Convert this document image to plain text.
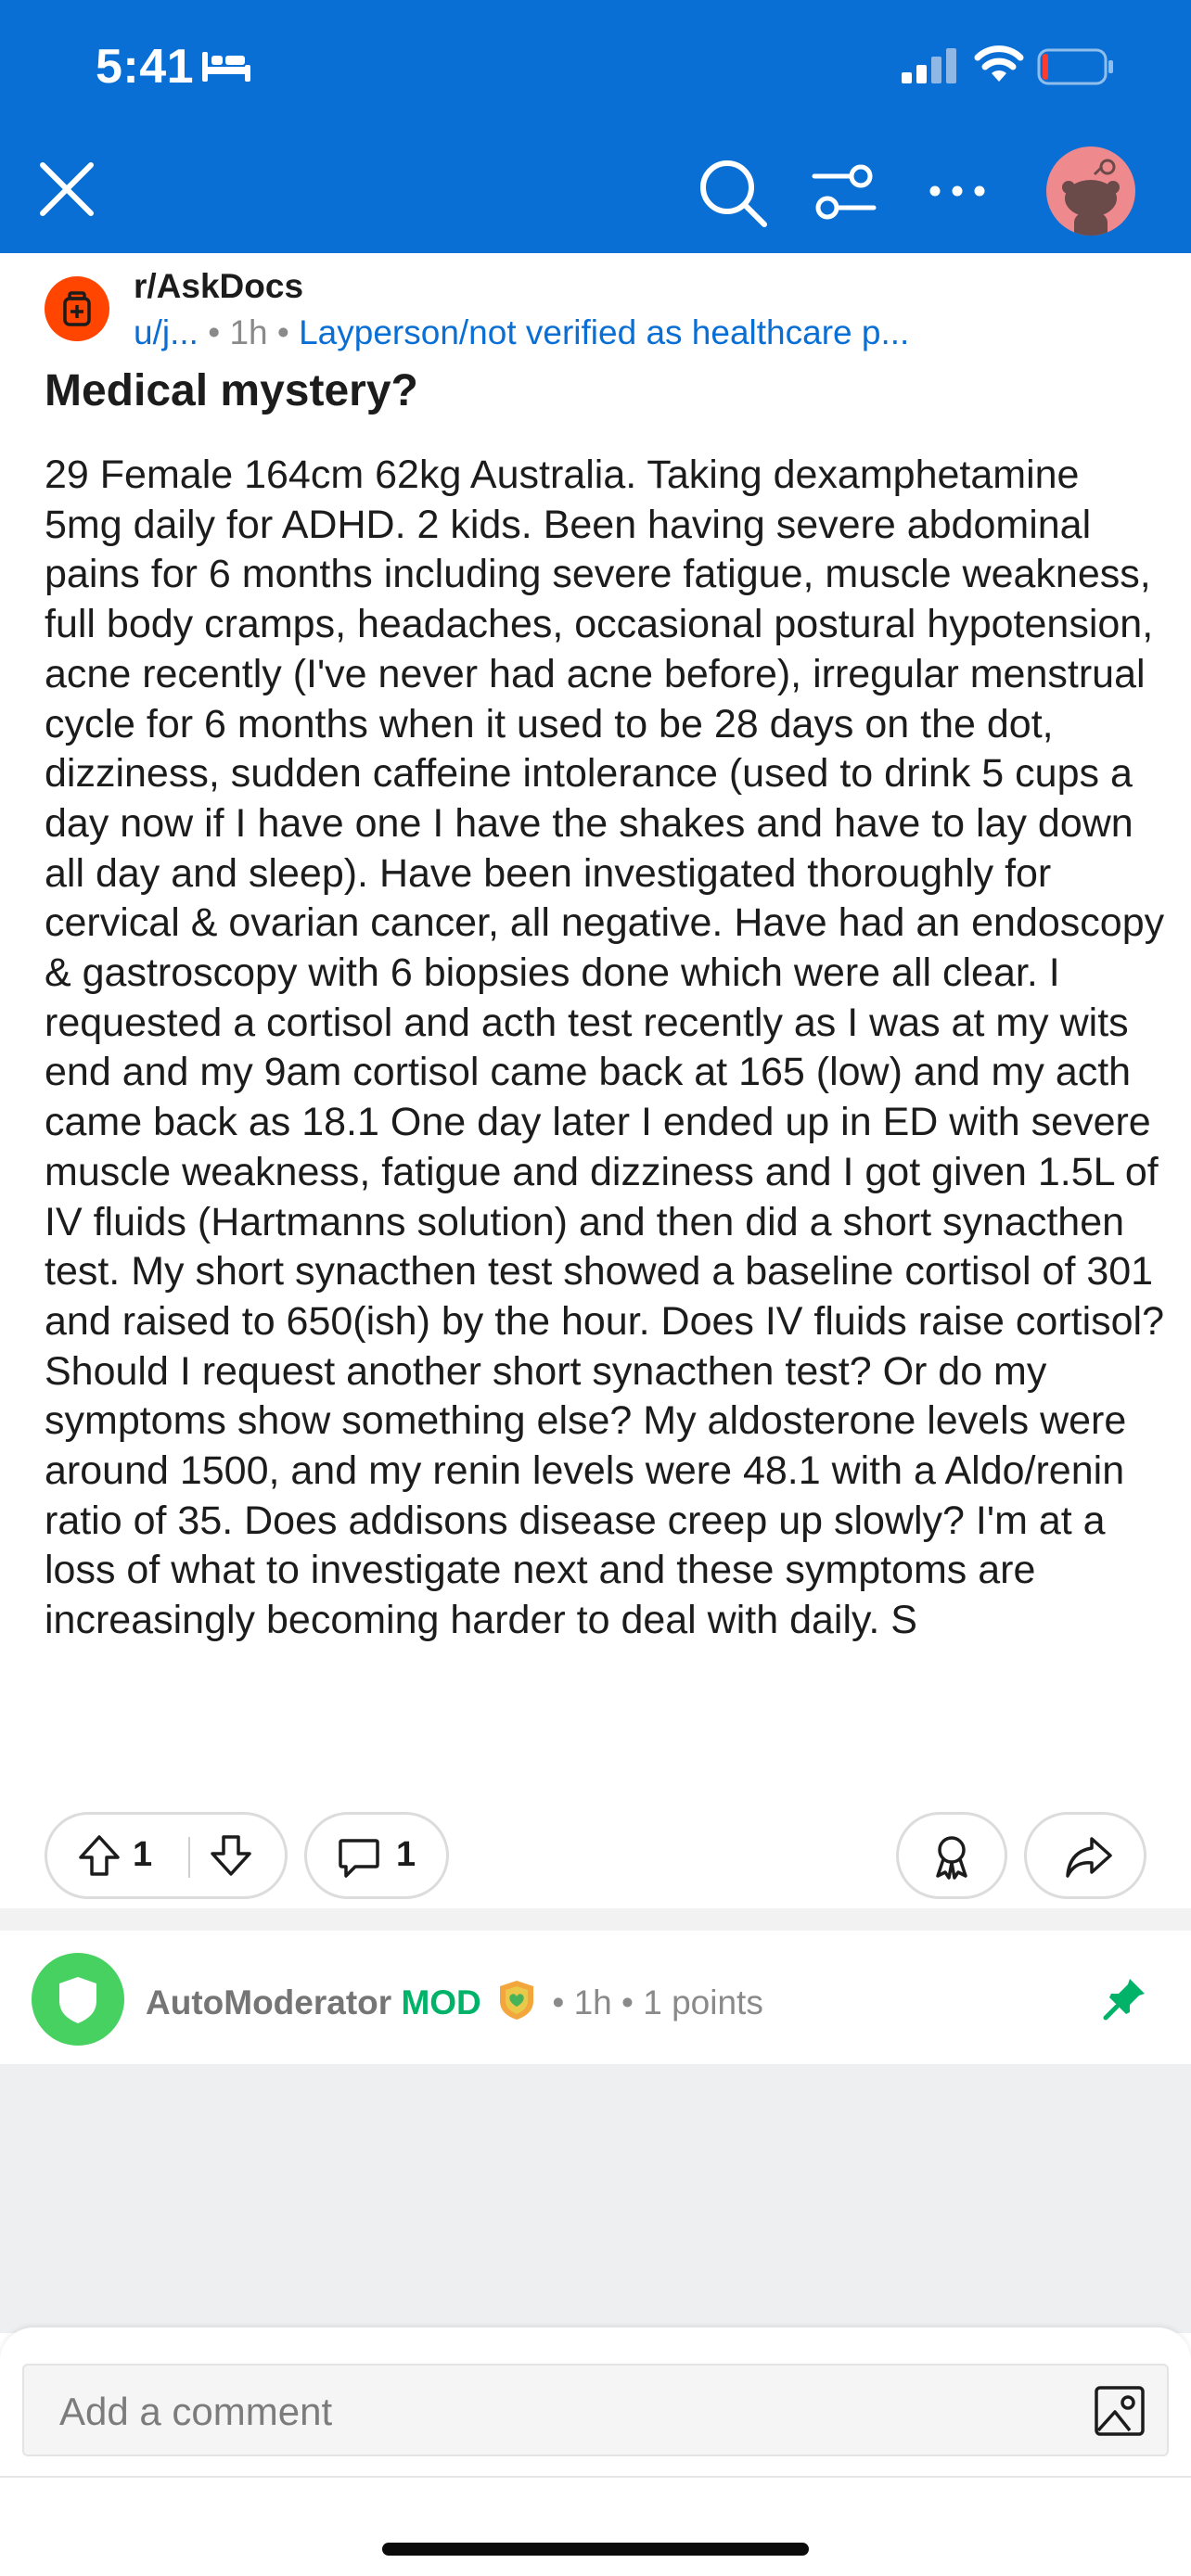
5:41
r/AskDocs
u/j... • 1h • Layperson/not verified as healthcare p...
Medical mystery?

29 Female 164cm 62kg Australia. Taking dexamphetamine 5mg daily for ADHD. 2 kids. Been having severe abdominal pains for 6 months including severe fatigue, muscle weakness, full body cramps, headaches, occasional postural hypotension, acne recently (I've never had acne before), irregular menstrual cycle for 6 months when it used to be 28 days on the dot, dizziness, sudden caffeine intolerance (used to drink 5 cups a day now if I have one I have the shakes and have to lay down all day and sleep). Have been investigated thoroughly for cervical & ovarian cancer, all negative. Have had an endoscopy & gastroscopy with 6 biopsies done which were all clear. I requested a cortisol and acth test recently as I was at my wits end and my 9am cortisol came back at 165 (low) and my acth came back as 18.1 One day later I ended up in ED with severe muscle weakness, fatigue and dizziness and I got given 1.5L of IV fluids (Hartmanns solution) and then did a short synacthen test. My short synacthen test showed a baseline cortisol of 301 and raised to 650(ish) by the hour. Does IV fluids raise cortisol? Should I request another short synacthen test? Or do my symptoms show something else? My aldosterone levels were around 1500, and my renin levels were 48.1 with a Aldo/renin ratio of 35. Does addisons disease creep up slowly? I'm at a loss of what to investigate next and these symptoms are increasingly becoming harder to deal with daily. S

1	1
AutoModerator MOD • 1h • 1 points
Add a comment
